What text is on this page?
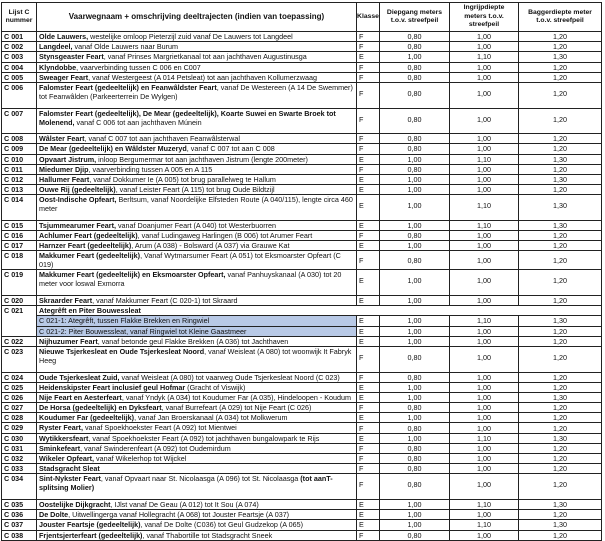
Lijst C nummer	Vaarwegnaam + omschrijving deeltrajecten (indien van toepassing)	Klasse	Diepgang meters t.o.v. streefpeil	Ingrijpdiepte meters t.o.v. streefpeil	Baggerdiepte meter t.o.v. streefpeil
C 001	Olde Lauwers, westelijke omloop Pieterzijl zuid vanaf De Lauwers tot Langdeel	F	0,80	1,00	1,20
C 002	Langdeel, vanaf Olde Lauwers naar Burum	F	0,80	1,00	1,20
C 003	Stynsgeaster Feart, vanaf Prinses Margrietkanaal tot aan jachthaven Augustinusga	E	1,00	1,10	1,30
C 004	Klyndobbe, vaarverbinding tussen C 006 en C007	F	0,80	1,00	1,20
C 005	Sweager Feart, vanaf Westergeest (A 014 Petsleat) tot aan jachthaven Kollumerzwaag	F	0,80	1,00	1,20
C 006	Falomster Feart (gedeeltelijk) en Feanwâldster Feart, vanaf De Westereen (A 14 De Swemmer) tot Feanwâlden (Parkeerterrein De Wylgen)	F	0,80	1,00	1,20
C 007	Falomster Feart (gedeeltelijk), De Mear (gedeeltelijk), Koarte Suwei en Swarte Broek tot Molenend, vanaf C 006 tot aan jachthaven Múnein	F	0,80	1,00	1,20
C 008	Wâlster Feart, vanaf C 007 tot aan jachthaven Feanwâlsterwal	F	0,80	1,00	1,20
C 009	De Mear (gedeeltelijk) en Wâldster Muzeryd, vanaf C 007 tot aan C 008	F	0,80	1,00	1,20
C 010	Opvaart Jistrum, inloop Bergumermar tot aan jachthaven Jistrum (lengte 200meter)	E	1,00	1,10	1,30
C 011	Miedumer Djip, vaarverbinding tussen A 005 en A 115	F	0,80	1,00	1,20
C 012	Hallumer Feart, vanaf Dokkumer Ie (A 005) tot brug parallelweg te Hallum	E	1,00	1,00	1,30
C 013	Ouwe Rij (gedeeltelijk), vanaf Leister Feart (A 115) tot brug Oude Bildtzijl	E	1,00	1,00	1,20
C 014	Oost-Indische Opfeart, Berltsum, vanaf Noordelijke Elfsteden Route (A 040/115), lengte circa 460 meter	E	1,00	1,10	1,30
C 015	Tsjummearumer Feart, vanaf Doanjumer Feart (A 040) tot Westerbuorren	E	1,00	1,10	1,30
C 016	Achlumer Feart (gedeeltelijk), vanaf Ludingaweg Harlingen (B 006) tot Arumer Feart	F	0,80	1,00	1,20
C 017	Harnzer Feart (gedeeltelijk), Arum (A 038) - Bolsward (A 037) via Grauwe Kat	E	1,00	1,00	1,20
C 018	Makkumer Feart (gedeeltelijk), Vanaf Wytmarsumer Feart (A 051) tot Eksmoarster Opfeart (C 019)	F	0,80	1,00	1,20
C 019	Makkumer Feart (gedeeltelijk) en Eksmoarster Opfeart, vanaf Panhuyskanaal (A 030) tot 20 meter voor loswal Exmorra	E	1,00	1,00	1,20
C 020	Skraarder Feart, vanaf Makkumer Feart (C 020-1) tot Skraard	E	1,00	1,00	1,20
C 021	Ategrêft en Piter Bouwessleat				
	C 021-1: Ategrêft, tussen Flakke Brekken en Ringwiel	E	1,00	1,10	1,30
	C 021-2: Piter Bouwessleat, vanaf Ringwiel tot Kleine Gaastmeer	E	1,00	1,00	1,20
C 022	Nijhuzumer Feart, vanaf betonde geul Flakke Brekken (A 036) tot Jachthaven	E	1,00	1,00	1,20
C 023	Nieuwe Tsjerkesleat en Oude Tsjerkesleat Noord, vanaf Weisleat (A 080) tot woonwijk It Fabryk Heeg	F	0,80	1,00	1,20
C 024	Oude Tsjerkesleat Zuid, vanaf Weisleat (A 080) tot vaarweg Oude Tsjerkesleat Noord (C 023)	F	0,80	1,00	1,20
C 025	Heidenskipster Feart inclusief geul Hofmar (Gracht of Viswijk)	E	1,00	1,00	1,20
C 026	Nije Feart en Aesterfeart, vanaf Yndyk (A 034) tot Koudumer Far (A 035), Hindeloopen - Koudum	E	1,00	1,00	1,30
C 027	De Horsa (gedeeltelijk) en Dyksfeart, vanaf Burrefeart (A 029) tot Nije Feart (C 026)	F	0,80	1,00	1,20
C 028	Koudumer Far (gedeeltelijk), vanaf Jan Broerskanaal (A 034) tot Molkwerum	E	1,00	1,00	1,20
C 029	Ryster Feart, vanaf Spoekhoekster Feart (A 092) tot Mientwei	F	0,80	1,00	1,20
C 030	Wytikkersfeart, vanaf Spoekhoekster Feart (A 092) tot jachthaven bungalowpark te Rijs	E	1,00	1,10	1,30
C 031	Sminkefeart, vanaf Swinderenfeart (A 092) tot Oudemirdum	F	0,80	1,00	1,20
C 032	Wikeler Opfeart, vanaf Wikelerhop tot Wijckel	F	0,80	1,00	1,20
C 033	Stadsgracht Sleat	F	0,80	1,00	1,20
C 034	Sint-Nykster Feart, vanaf Opvaart naar St. Nicolaasga (A 096) tot St. Nicolaasga (tot aanT-splitsing Molier)	F	0,80	1,00	1,20
C 035	Oostelijke Dijkgracht, IJlst vanaf De Geau (A 012) tot It Sou (A 074)	E	1,00	1,10	1,30
C 036	De Dolte, Uitwellingerga vanaf Hollegracht (A 068) tot Jouster Feartsje (A 037)	E	1,00	1,00	1,20
C 037	Jouster Feartsje (gedeeltelijk), vanaf De Dolte (C036) tot Geul Gudzekop (A 065)	E	1,00	1,10	1,30
C 038	Frjentsjerterfeart (gedeeltelijk), vanaf Thabortille tot Stadsgracht Sneek	F	0,80	1,00	1,20
